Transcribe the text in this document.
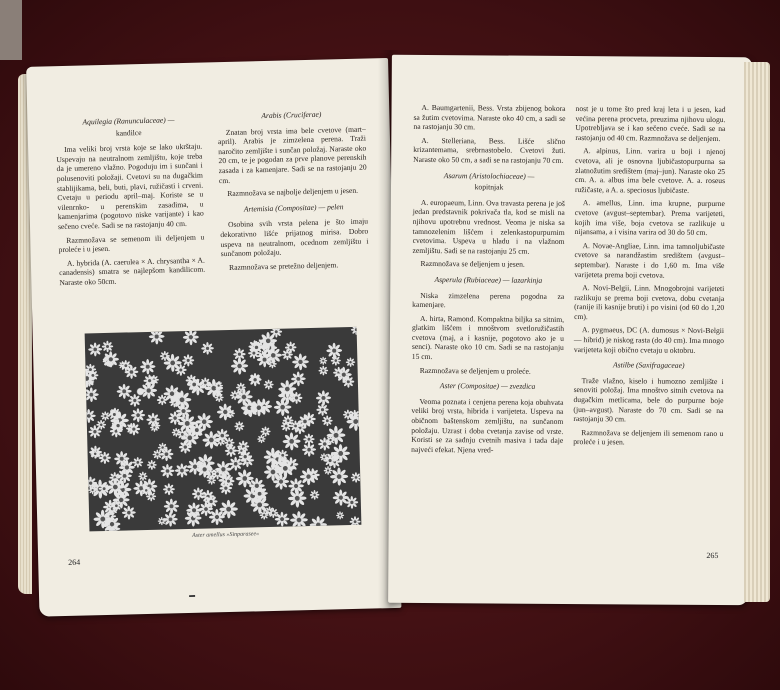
Aquilegia (Ranunculaceae) —

kandilce

Ima veliki broj vrsta koje se lako ukrštaju. Uspevaju na neutralnom zemljištu, koje treba da je umereno vlažno. Pogoduju im i sunčani i polusenoviti položaji. Cvetovi su na dugačkim stablijikama, beli, buti, plavi, ružičasti i crveni. Cvetaju u periodu april–maj. Koriste se u vilenrnko- u perenskim zasadima, u kamenjarima (pogotovo niske varijante) i kao sečeno cveće. Sadi se na rastojanju 40 cm.

Razmnožava se semenom ili deljenjem u proleće i u jesen.

A. hybrida (A. caerulea × A. chrysantha × A. canadensis) smatra se najlepšom kandilicom. Naraste oko 50cm.

Arabis (Cruciferae)

Znatan broj vrsta ima bele cvetove (mart–april). Arabis je zimzelena perena. Traži naročito zemljište i sunčan položaj. Naraste oko 20 cm, te je pogodan za prve planove perenskih zasada i za kamenjare. Sadi se na rastojanju 20 cm.

Razmnožava se najbolje deljenjem u jesen.

Artemisia (Compositae) — pelen

Osobina svih vrsta pelena je što imaju dekorativno lišće prijatnog mirisa. Dobro uspeva na neutralnom, ocednom zemljištu i sunčanom položaju.

Razmnožava se pretežno deljenjem.

Aster amellus »Sinparasee«
264
▬

A. Baumgartenii, Bess. Vrsta zbijenog bokora sa žutim cvetovima. Naraste oko 40 cm, a sadi se na rastojanju 30 cm.

A. Stelleriana, Bess. Lišće slično krizantemama, srebrnastobelo. Cvetovi žuti. Naraste oko 50 cm, a sadi se na rastojanju 70 cm.

Asarum (Aristolochiaceae) —

kopitnjak

A. europaeum, Linn. Ova travasta perena je još jedan predstavnik pokrivača tla, kod se misli na njihovu upotrebnu vrednost. Veoma je niska sa tamnozelenim lišćem i zelenkastopurpurnim cvetovima. Uspeva u hladu i na vlažnom zemljištu. Sadi se na rastojanju 25 cm.

Razmnožava se deljenjem u jesen.

Asperula (Rubiaceae) — lazarkinja

Niska zimzelena perena pogodna za kamenjare.

A. hirta, Ramond. Kompaktna biljka sa sitnim, glatkim lišćem i mnoštvom svetloružičastih cvetova (maj, a i kasnije, pogotovo ako je u senci). Naraste oko 10 cm. Sadi se na rastojanju 15 cm.

Razmnožava se deljenjem u proleće.

Aster (Compositae) — zvezdica

Veoma poznata i cenjena perena koja obuhvata veliki broj vrsta, hibrida i varijeteta. Uspeva na običnom baštenskom zemljištu, na sunčanom položaju. Uzrast i doba cvetanja zavise od vrste. Koristi se za sadnju cvetnih masiva i tada daje najveći efekat. Njena vred-

nost je u tome što pred kraj leta i u jesen, kad većina perena procveta, preuzima njihovu ulogu. Upotrebljava se i kao sečeno cveće. Sadi se na rastojanju od 40 cm. Razmnožava se deljenjem.

A. alpinus, Linn. varira u boji i njenoj cvetova, ali je osnovna ljubičastopurpurna sa zlatnožutim središtem (maj–jun). Naraste oko 25 cm. A. a. albus ima bele cvetove. A. a. roseus ružičaste, a A. a. speciosus ljubičaste.

A. amellus, Linn. ima krupne, purpurne cvetove (avgust–septembar). Prema varijeteti, kojih ima više, boja cvetova se razlikuje u nijansama, a i visina varira od 30 do 50 cm.

A. Novae-Angliae, Linn. ima tamnoljubičaste cvetove sa narandžastim središtem (avgust–septembar). Naraste i do 1,60 m. Ima više varijeteta prema boji cvetova.

A. Novi-Belgii, Linn. Mnogobrojni varijeteti razlikuju se prema boji cvetova, dobu cvetanja (ranije ili kasnije bruti) i po visini (od 60 do 1,20 cm).

A. pygmaeus, DC (A. dumosus × Novi-Belgii — hibrid) je niskog rasta (do 40 cm). Ima mnogo varijeteta koji obično cvetaju u oktobru.

Astilbe (Saxifragaceae)

Traže vlažno, kiselo i humozno zemljište i senoviti položaj. Ima mnoštvo sitnih cvetova na dugačkim metlicama, bele do purpurne boje (jun–avgust). Naraste do 70 cm. Sadi se na rastojanju 30 cm.

Razmnožava se deljenjem ili semenom rano u proleće i u jesen.

265
